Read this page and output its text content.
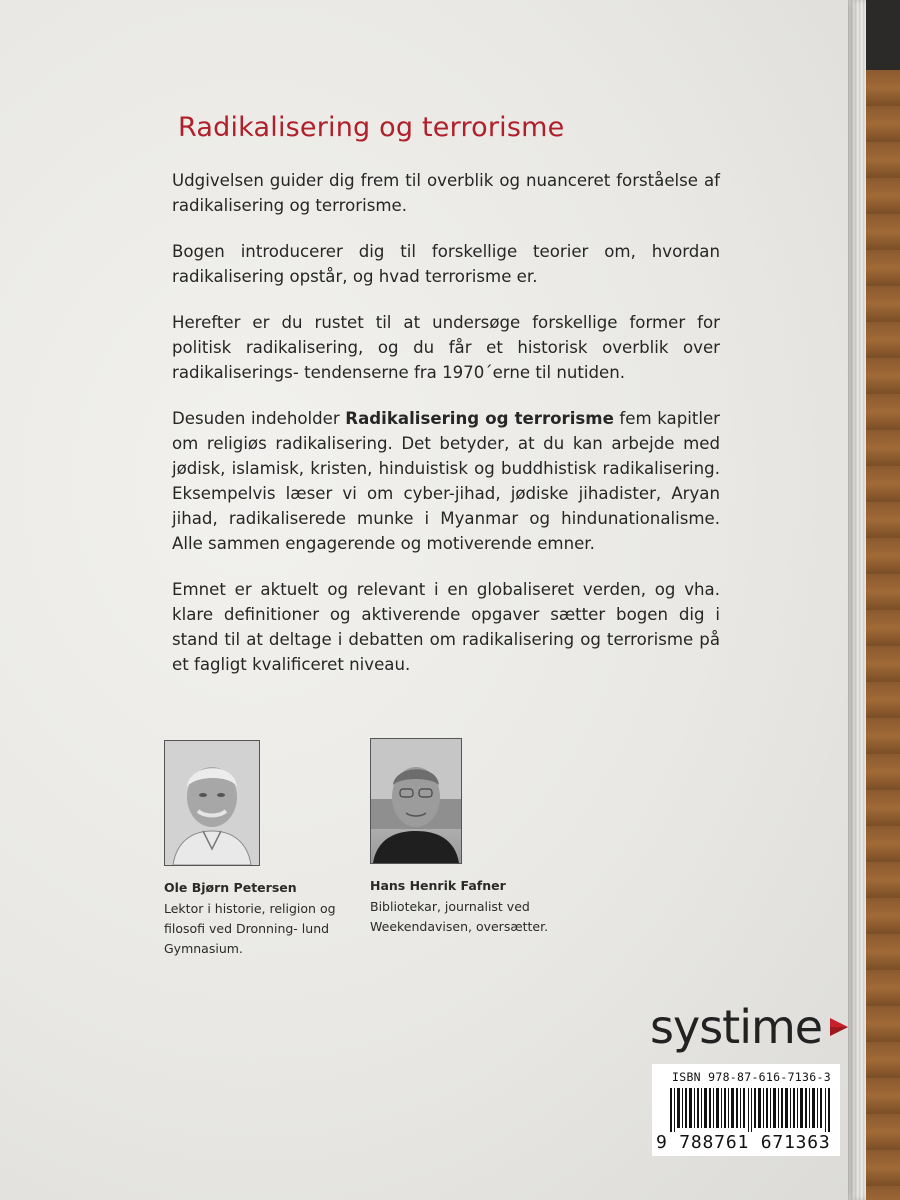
Radikalisering og terrorisme

Udgivelsen guider dig frem til overblik og nuanceret forståelse af radikalisering og terrorisme.

Bogen introducerer dig til forskellige teorier om, hvordan radikalisering opstår, og hvad terrorisme er.

Herefter er du rustet til at undersøge forskellige former for politisk radikalisering, og du får et historisk overblik over radikaliserings- tendenserne fra 1970´erne til nutiden.

Desuden indeholder Radikalisering og terrorisme fem kapitler om religiøs radikalisering. Det betyder, at du kan arbejde med jødisk, islamisk, kristen, hinduistisk og buddhistisk radikalisering. Eksempelvis læser vi om cyber-jihad, jødiske jihadister, Aryan jihad, radikaliserede munke i Myanmar og hindunationalisme. Alle sammen engagerende og motiverende emner.

Emnet er aktuelt og relevant i en globaliseret verden, og vha. klare definitioner og aktiverende opgaver sætter bogen dig i stand til at deltage i debatten om radikalisering og terrorisme på et fagligt kvalificeret niveau.

Ole Bjørn Petersen
Lektor i historie, religion og filosofi ved Dronning- lund Gymnasium.
Hans Henrik Fafner
Bibliotekar, journalist ved Weekendavisen, oversætter.
systime
ISBN 978-87-616-7136-3
9 788761 671363
